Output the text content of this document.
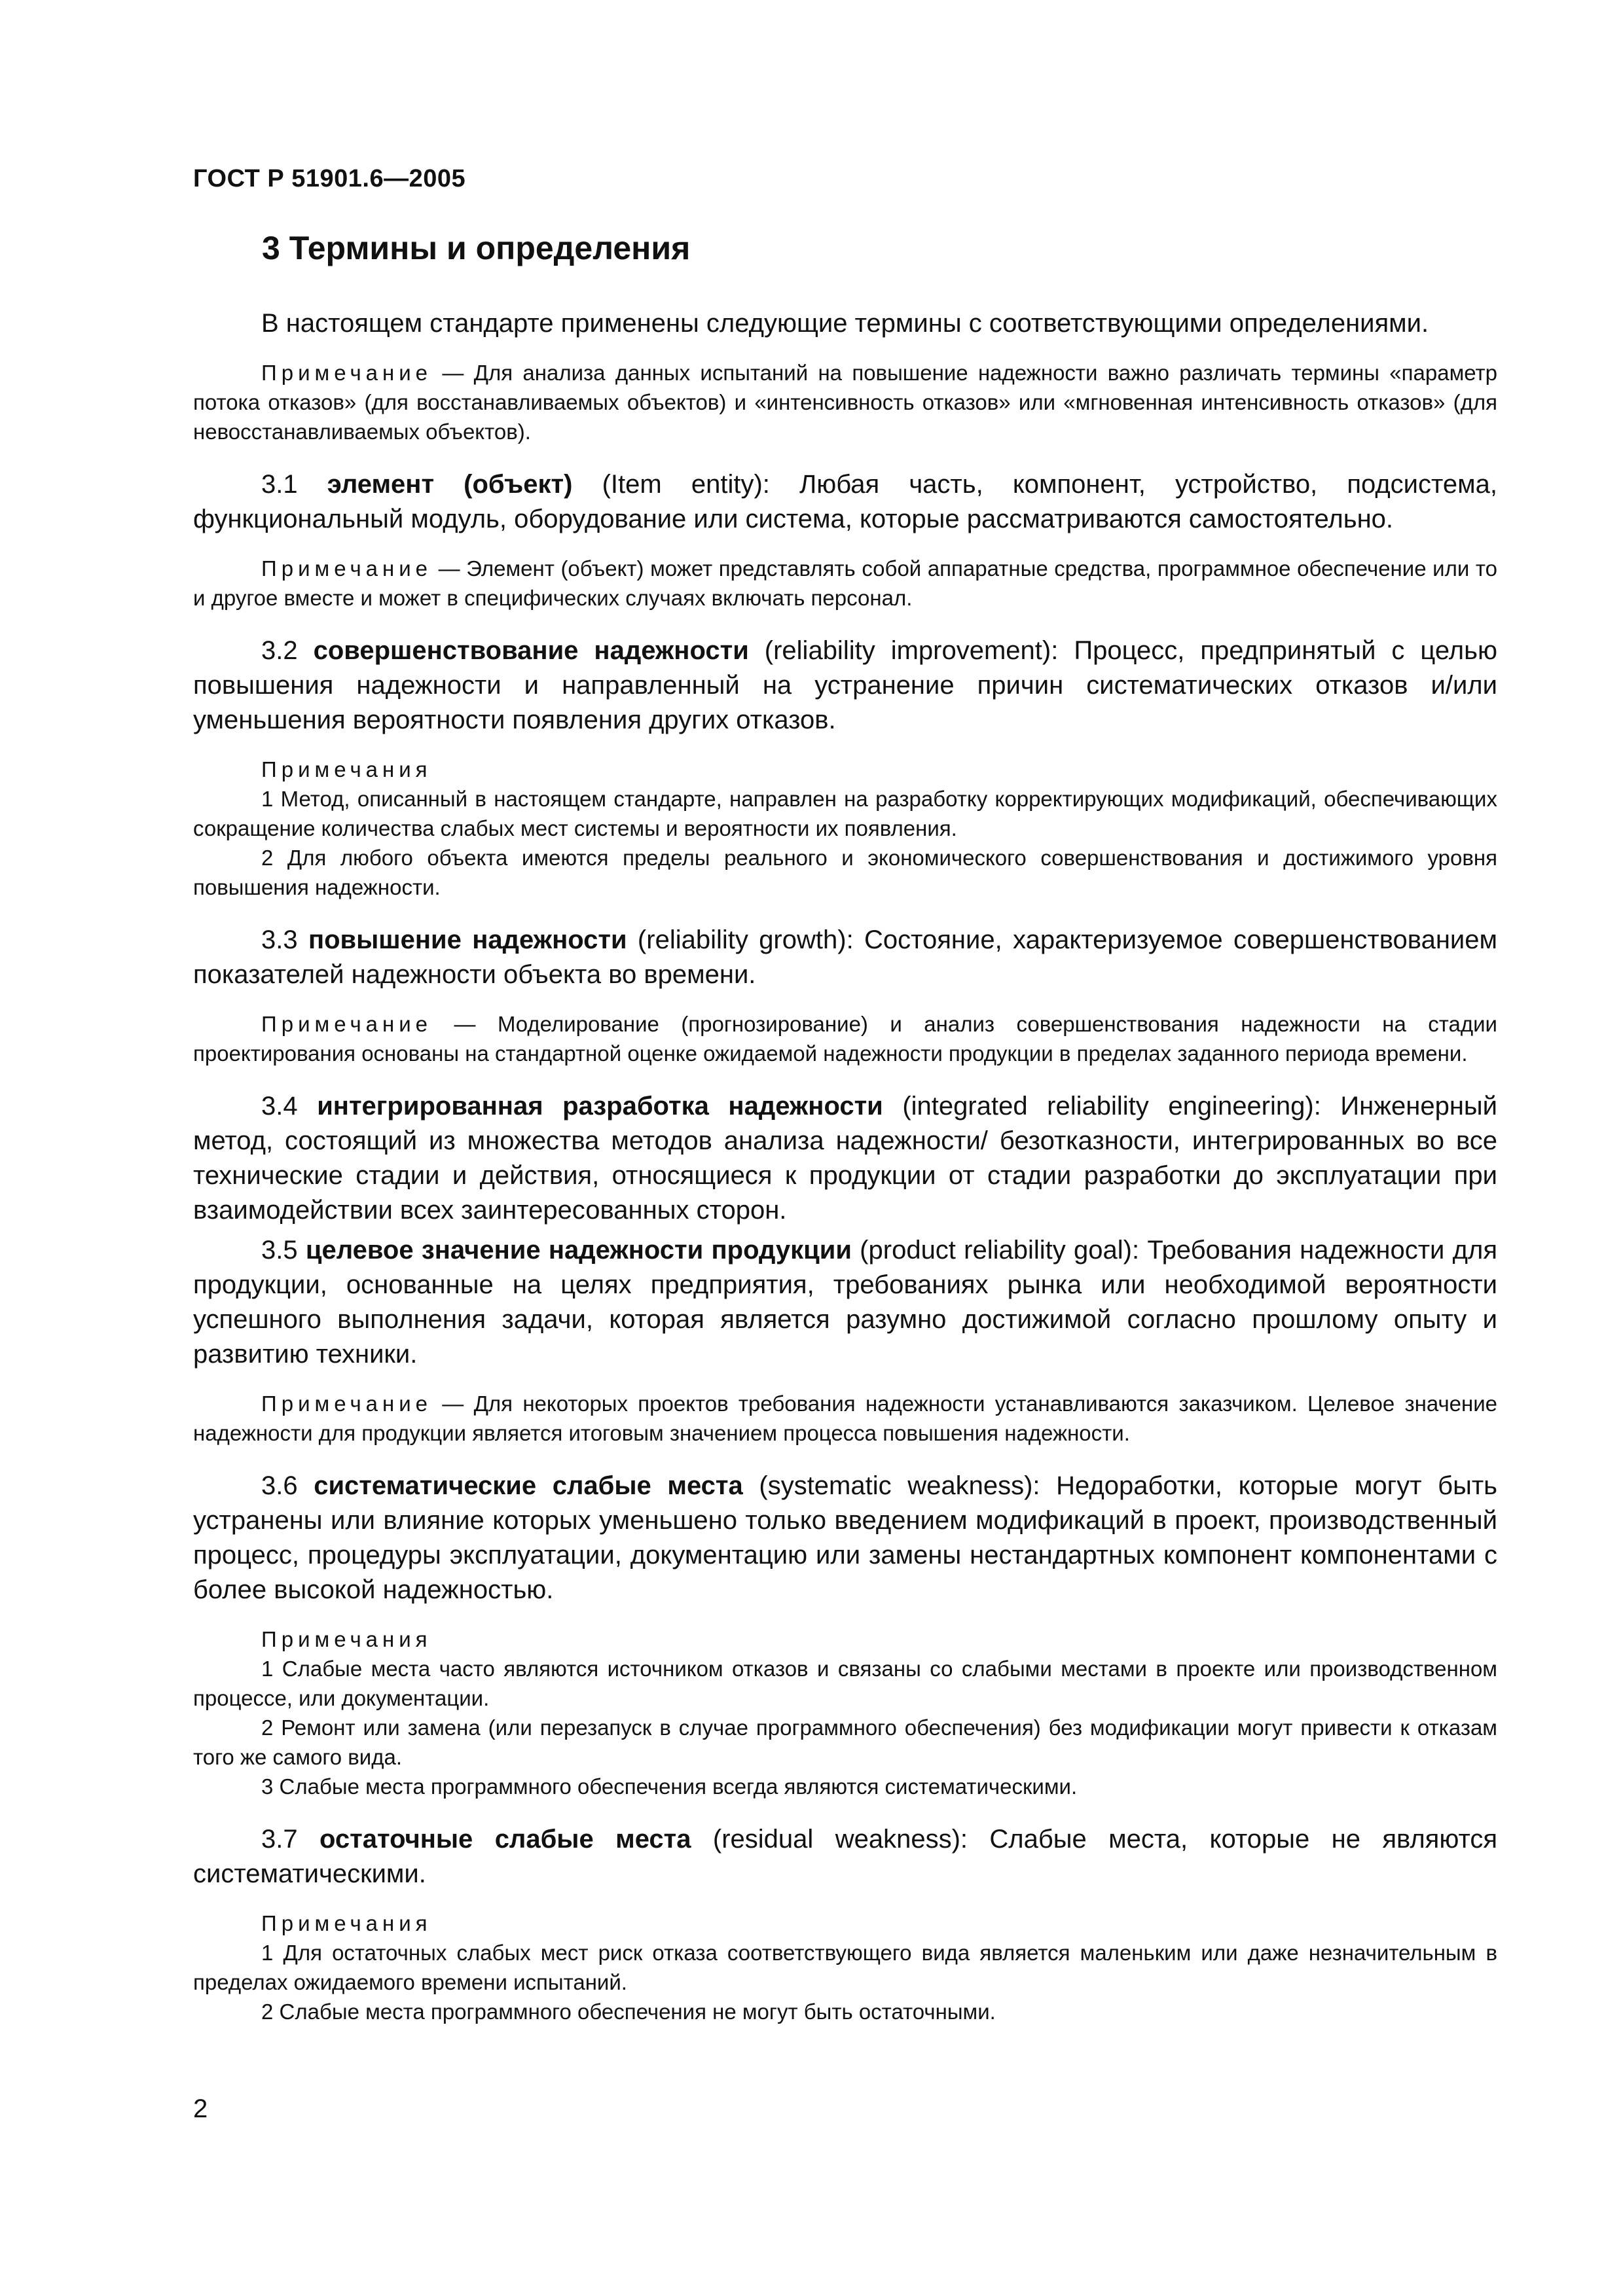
ГОСТ Р 51901.6—2005
3 Термины и определения

В настоящем стандарте применены следующие термины с соответствующими определениями.

Примечание — Для анализа данных испытаний на повышение надежности важно различать термины «параметр потока отказов» (для восстанавливаемых объектов) и «интенсивность отказов» или «мгновенная интенсивность отказов» (для невосстанавливаемых объектов).

3.1 элемент (объект) (Item entity): Любая часть, компонент, устройство, подсистема, функциональный модуль, оборудование или система, которые рассматриваются самостоятельно.

Примечание — Элемент (объект) может представлять собой аппаратные средства, программное обеспечение или то и другое вместе и может в специфических случаях включать персонал.

3.2 совершенствование надежности (reliability improvement): Процесс, предпринятый с целью повышения надежности и направленный на устранение причин систематических отказов и/или уменьшения вероятности появления других отказов.

Примечания

1 Метод, описанный в настоящем стандарте, направлен на разработку корректирующих модификаций, обеспечивающих сокращение количества слабых мест системы и вероятности их появления.

2 Для любого объекта имеются пределы реального и экономического совершенствования и достижимого уровня повышения надежности.

3.3 повышение надежности (reliability growth): Состояние, характеризуемое совершенствованием показателей надежности объекта во времени.

Примечание — Моделирование (прогнозирование) и анализ совершенствования надежности на стадии проектирования основаны на стандартной оценке ожидаемой надежности продукции в пределах заданного периода времени.

3.4 интегрированная разработка надежности (integrated reliability engineering): Инженерный метод, состоящий из множества методов анализа надежности/ безотказности, интегрированных во все технические стадии и действия, относящиеся к продукции от стадии разработки до эксплуатации при взаимодействии всех заинтересованных сторон.

3.5 целевое значение надежности продукции (product reliability goal): Требования надежности для продукции, основанные на целях предприятия, требованиях рынка или необходимой вероятности успешного выполнения задачи, которая является разумно достижимой согласно прошлому опыту и развитию техники.

Примечание — Для некоторых проектов требования надежности устанавливаются заказчиком. Целевое значение надежности для продукции является итоговым значением процесса повышения надежности.

3.6 систематические слабые места (systematic weakness): Недоработки, которые могут быть устранены или влияние которых уменьшено только введением модификаций в проект, производственный процесс, процедуры эксплуатации, документацию или замены нестандартных компонент компонентами с более высокой надежностью.

Примечания

1 Слабые места часто являются источником отказов и связаны со слабыми местами в проекте или производственном процессе, или документации.

2 Ремонт или замена (или перезапуск в случае программного обеспечения) без модификации могут привести к отказам того же самого вида.

3 Слабые места программного обеспечения всегда являются систематическими.

3.7 остаточные слабые места (residual weakness): Слабые места, которые не являются систематическими.

Примечания

1 Для остаточных слабых мест риск отказа соответствующего вида является маленьким или даже незначительным в пределах ожидаемого времени испытаний.

2 Слабые места программного обеспечения не могут быть остаточными.

2
